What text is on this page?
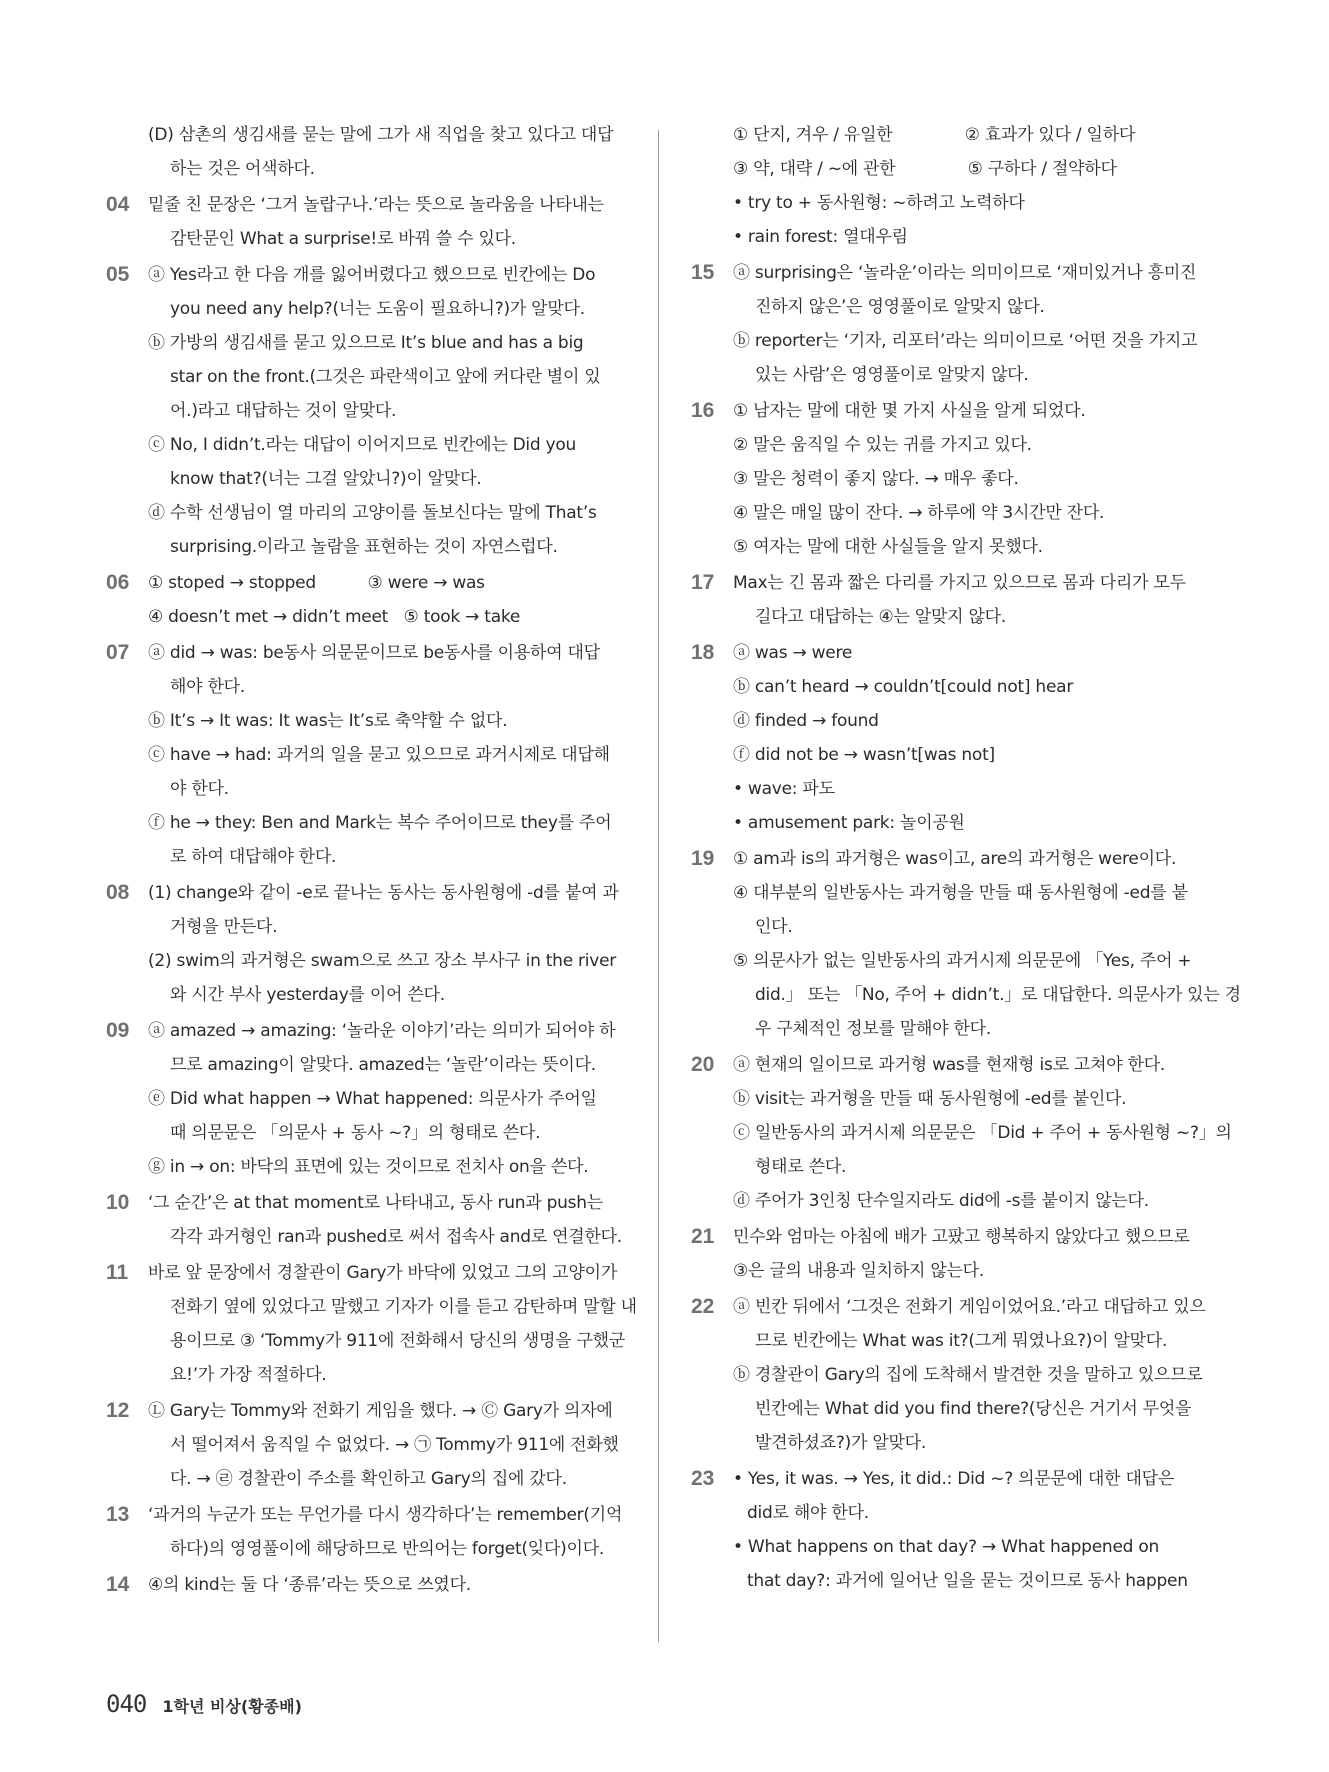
(D) 삼촌의 생김새를 묻는 말에 그가 새 직업을 찾고 있다고 대답
하는 것은 어색하다.
04 밑줄 친 문장은 ‘그거 놀랍구나.’라는 뜻으로 놀라움을 나타내는
감탄문인 What a surprise!로 바꿔 쓸 수 있다.
05 ⓐ Yes라고 한 다음 개를 잃어버렸다고 했으므로 빈칸에는 Do
you need any help?(너는 도움이 필요하니?)가 알맞다.
ⓑ 가방의 생김새를 묻고 있으므로 It’s blue and has a big
star on the front.(그것은 파란색이고 앞에 커다란 별이 있
어.)라고 대답하는 것이 알맞다.
ⓒ No, I didn’t.라는 대답이 이어지므로 빈칸에는 Did you
know that?(너는 그걸 알았니?)이 알맞다.
ⓓ 수학 선생님이 열 마리의 고양이를 돌보신다는 말에 That’s
surprising.이라고 놀람을 표현하는 것이 자연스럽다.
06 ① stoped → stopped          ③ were → was
④ doesn’t met → didn’t meet   ⑤ took → take
07 ⓐ did → was: be동사 의문문이므로 be동사를 이용하여 대답
해야 한다.
ⓑ It’s → It was: It was는 It’s로 축약할 수 없다.
ⓒ have → had: 과거의 일을 묻고 있으므로 과거시제로 대답해
야 한다.
ⓕ he → they: Ben and Mark는 복수 주어이므로 they를 주어
로 하여 대답해야 한다.
08 (1) change와 같이 -e로 끝나는 동사는 동사원형에 -d를 붙여 과
거형을 만든다.
(2) swim의 과거형은 swam으로 쓰고 장소 부사구 in the river
와 시간 부사 yesterday를 이어 쓴다.
09 ⓐ amazed → amazing: ‘놀라운 이야기’라는 의미가 되어야 하
므로 amazing이 알맞다. amazed는 ‘놀란’이라는 뜻이다.
ⓔ Did what happen → What happened: 의문사가 주어일
때 의문문은 「의문사 + 동사 ~?」의 형태로 쓴다.
ⓖ in → on: 바닥의 표면에 있는 것이므로 전치사 on을 쓴다.
10 ‘그 순간’은 at that moment로 나타내고, 동사 run과 push는
각각 과거형인 ran과 pushed로 써서 접속사 and로 연결한다.
11 바로 앞 문장에서 경찰관이 Gary가 바닥에 있었고 그의 고양이가
전화기 옆에 있었다고 말했고 기자가 이를 듣고 감탄하며 말할 내
용이므로 ③ ‘Tommy가 911에 전화해서 당신의 생명을 구했군
요!’가 가장 적절하다.
12 Ⓛ Gary는 Tommy와 전화기 게임을 했다. → Ⓒ Gary가 의자에
서 떨어져서 움직일 수 없었다. → ㉠ Tommy가 911에 전화했
다. → ㉣ 경찰관이 주소를 확인하고 Gary의 집에 갔다.
13 ‘과거의 누군가 또는 무언가를 다시 생각하다’는 remember(기억
하다)의 영영풀이에 해당하므로 반의어는 forget(잊다)이다.
14 ④의 kind는 둘 다 ‘종류’라는 뜻으로 쓰였다.
① 단지, 겨우 / 유일한              ② 효과가 있다 / 일하다
③ 약, 대략 / ~에 관한              ⑤ 구하다 / 절약하다
• try to + 동사원형: ~하려고 노력하다
• rain forest: 열대우림
15 ⓐ surprising은 ‘놀라운’이라는 의미이므로 ‘재미있거나 흥미진
진하지 않은’은 영영풀이로 알맞지 않다.
ⓑ reporter는 ‘기자, 리포터’라는 의미이므로 ‘어떤 것을 가지고
있는 사람’은 영영풀이로 알맞지 않다.
16 ① 남자는 말에 대한 몇 가지 사실을 알게 되었다.
② 말은 움직일 수 있는 귀를 가지고 있다.
③ 말은 청력이 좋지 않다. → 매우 좋다.
④ 말은 매일 많이 잔다. → 하루에 약 3시간만 잔다.
⑤ 여자는 말에 대한 사실들을 알지 못했다.
17 Max는 긴 몸과 짧은 다리를 가지고 있으므로 몸과 다리가 모두
길다고 대답하는 ④는 알맞지 않다.
18 ⓐ was → were
ⓑ can’t heard → couldn’t[could not] hear
ⓓ finded → found
ⓕ did not be → wasn’t[was not]
• wave: 파도
• amusement park: 놀이공원
19 ① am과 is의 과거형은 was이고, are의 과거형은 were이다.
④ 대부분의 일반동사는 과거형을 만들 때 동사원형에 -ed를 붙
인다.
⑤ 의문사가 없는 일반동사의 과거시제 의문문에 「Yes, 주어 +
did.」 또는 「No, 주어 + didn’t.」로 대답한다. 의문사가 있는 경
우 구체적인 정보를 말해야 한다.
20 ⓐ 현재의 일이므로 과거형 was를 현재형 is로 고쳐야 한다.
ⓑ visit는 과거형을 만들 때 동사원형에 -ed를 붙인다.
ⓒ 일반동사의 과거시제 의문문은 「Did + 주어 + 동사원형 ~?」의
형태로 쓴다.
ⓓ 주어가 3인칭 단수일지라도 did에 -s를 붙이지 않는다.
21 민수와 엄마는 아침에 배가 고팠고 행복하지 않았다고 했으므로
③은 글의 내용과 일치하지 않는다.
22 ⓐ 빈칸 뒤에서 ‘그것은 전화기 게임이었어요.’라고 대답하고 있으
므로 빈칸에는 What was it?(그게 뭐였나요?)이 알맞다.
ⓑ 경찰관이 Gary의 집에 도착해서 발견한 것을 말하고 있으므로
빈칸에는 What did you find there?(당신은 거기서 무엇을
발견하셨죠?)가 알맞다.
23 • Yes, it was. → Yes, it did.: Did ~? 의문문에 대한 대답은
did로 해야 한다.
• What happens on that day? → What happened on
that day?: 과거에 일어난 일을 묻는 것이므로 동사 happen
040 1학년 비상(황종배)
